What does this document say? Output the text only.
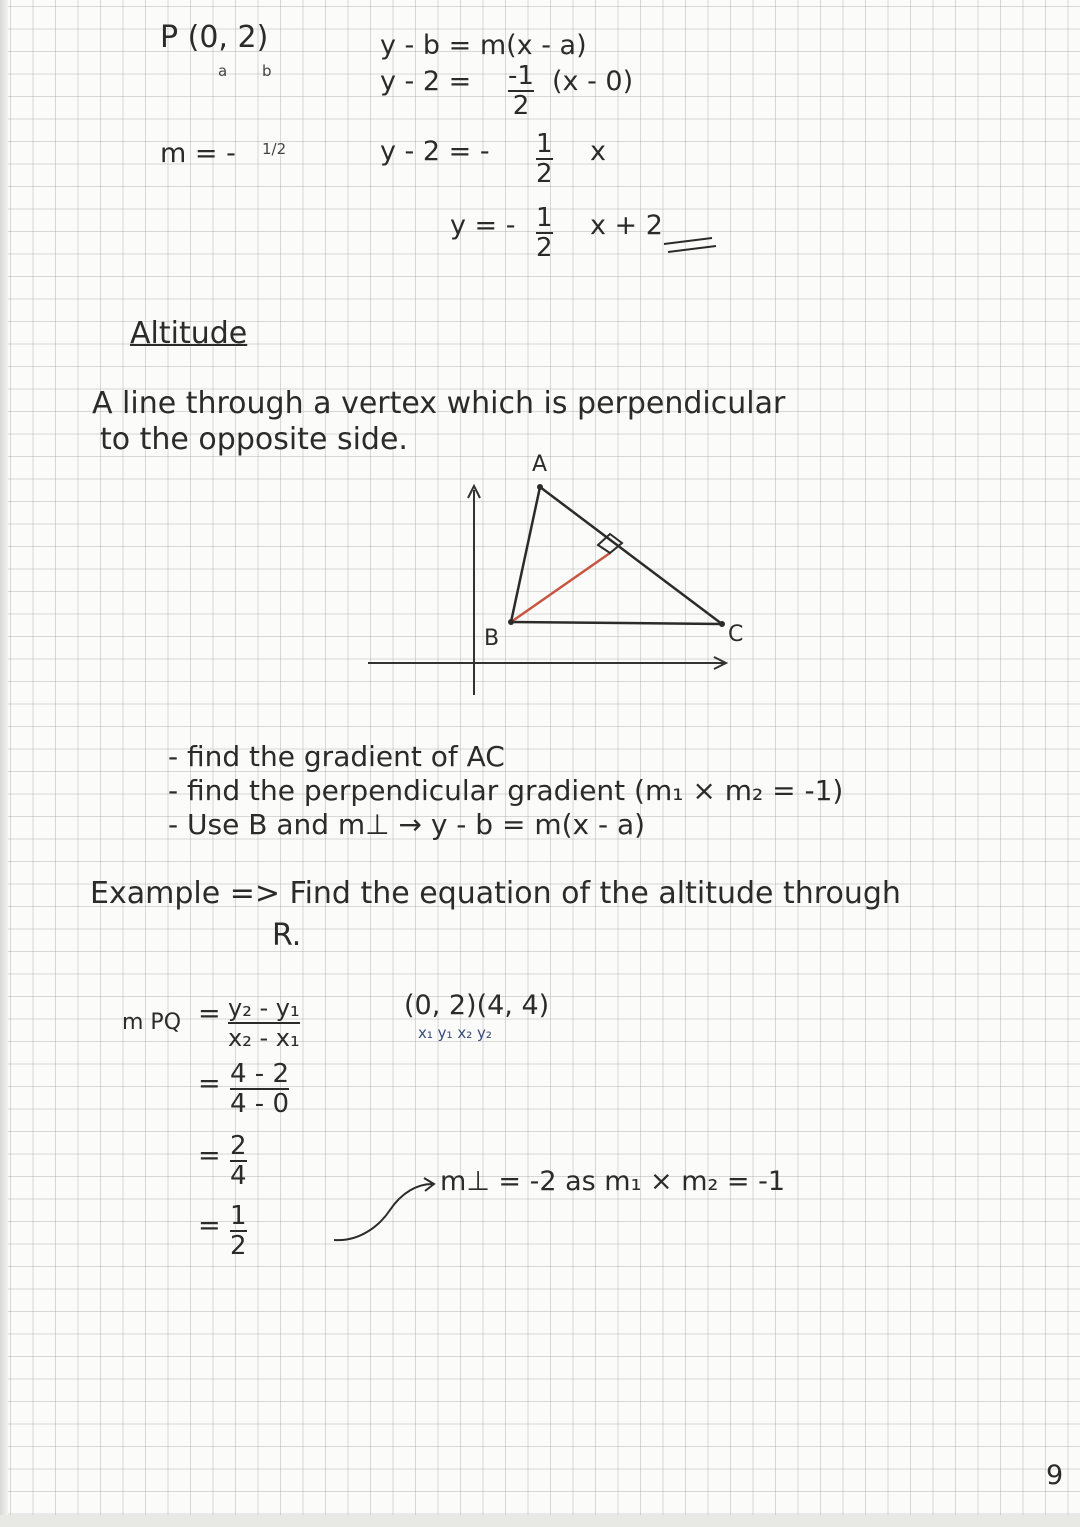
P (0, 2)
a b
m = - 1/2
y - b = m(x - a)
y - 2 = -1
2
(x - 0)
y - 2 = - 1
2
x
y = - 1
2
x + 2
Altitude
A line through a vertex which is perpendicular
to the opposite side.
A
B	C
- find the gradient of AC
- find the perpendicular gradient (m₁ × m₂ = -1)
- Use B and m⊥ → y - b = m(x - a)
Example => Find the equation of the altitude through
R.
m PQ = y₂ - y₁
x₂ - x₁
= 4 - 2
4 - 0
= 2
4
= 1
2
(0, 2)(4, 4)
x₁ y₁ x₂ y₂
m⊥ = -2 as m₁ × m₂ = -1
9
